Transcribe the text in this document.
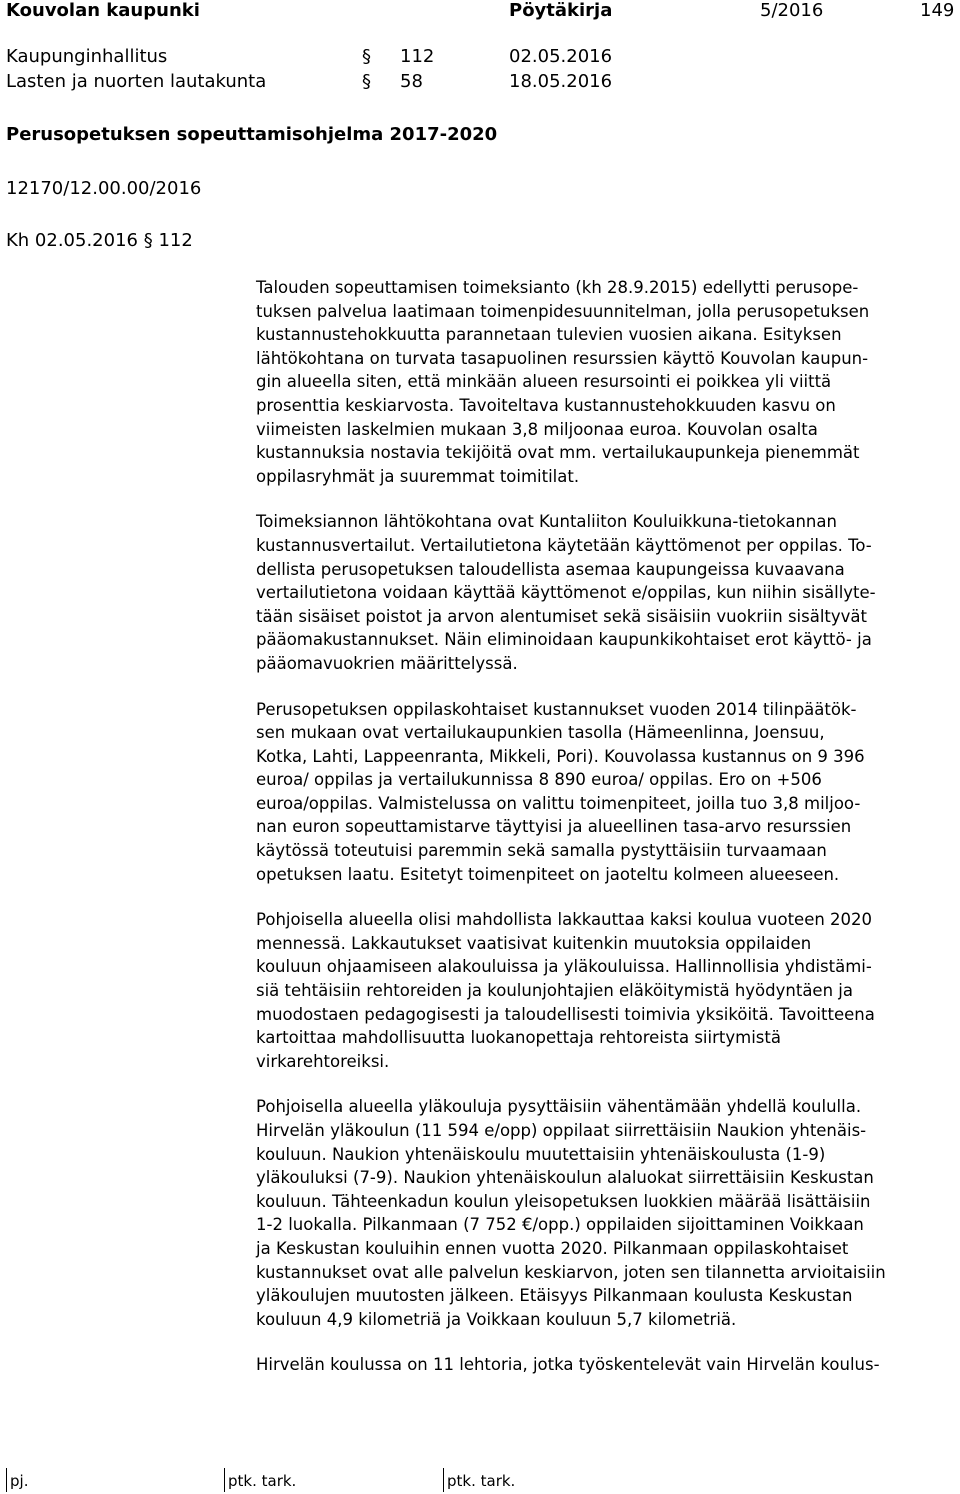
Kouvolan kaupunki	Pöytäkirja	5/2016	149
Kaupunginhallitus	§ 112	02.05.2016
Lasten ja nuorten lautakunta	§ 58	18.05.2016
Perusopetuksen sopeuttamisohjelma 2017-2020
12170/12.00.00/2016
Kh 02.05.2016 § 112

Talouden sopeuttamisen toimeksianto (kh 28.9.2015) edellytti perusope-

tuksen palvelua laatimaan toimenpidesuunnitelman, jolla perusopetuksen

kustannustehokkuutta parannetaan tulevien vuosien aikana. Esityksen

lähtökohtana on turvata tasapuolinen resurssien käyttö Kouvolan kaupun-

gin alueella siten, että minkään alueen resursointi ei poikkea yli viittä

prosenttia keskiarvosta. Tavoiteltava kustannustehokkuuden kasvu on

viimeisten laskelmien mukaan 3,8 miljoonaa euroa. Kouvolan osalta

kustannuksia nostavia tekijöitä ovat mm. vertailukaupunkeja pienemmät

oppilasryhmät ja suuremmat toimitilat.

Toimeksiannon lähtökohtana ovat Kuntaliiton Kouluikkuna-tietokannan

kustannusvertailut. Vertailutietona käytetään käyttömenot per oppilas. To-

dellista perusopetuksen taloudellista asemaa kaupungeissa kuvaavana

vertailutietona voidaan käyttää käyttömenot e/oppilas, kun niihin sisällyte-

tään sisäiset poistot ja arvon alentumiset sekä sisäisiin vuokriin sisältyvät

pääomakustannukset. Näin eliminoidaan kaupunkikohtaiset erot käyttö- ja

pääomavuokrien määrittelyssä.

Perusopetuksen oppilaskohtaiset kustannukset vuoden 2014 tilinpäätök-

sen mukaan ovat vertailukaupunkien tasolla (Hämeenlinna, Joensuu,

Kotka, Lahti, Lappeenranta, Mikkeli, Pori). Kouvolassa kustannus on 9 396

euroa/ oppilas ja vertailukunnissa 8 890 euroa/ oppilas. Ero on +506

euroa/oppilas. Valmistelussa on valittu toimenpiteet, joilla tuo 3,8 miljoo-

nan euron sopeuttamistarve täyttyisi ja alueellinen tasa-arvo resurssien

käytössä toteutuisi paremmin sekä samalla pystyttäisiin turvaamaan

opetuksen laatu. Esitetyt toimenpiteet on jaoteltu kolmeen alueeseen.

Pohjoisella alueella olisi mahdollista lakkauttaa kaksi koulua vuoteen 2020

mennessä. Lakkautukset vaatisivat kuitenkin muutoksia oppilaiden

kouluun ohjaamiseen alakouluissa ja yläkouluissa. Hallinnollisia yhdistämi-

siä tehtäisiin rehtoreiden ja koulunjohtajien eläköitymistä hyödyntäen ja

muodostaen pedagogisesti ja taloudellisesti toimivia yksiköitä. Tavoitteena

kartoittaa mahdollisuutta luokanopettaja rehtoreista siirtymistä

virkarehtoreiksi.

Pohjoisella alueella yläkouluja pysyttäisiin vähentämään yhdellä koululla.

Hirvelän yläkoulun (11 594 e/opp) oppilaat siirrettäisiin Naukion yhtenäis-

kouluun. Naukion yhtenäiskoulu muutettaisiin yhtenäiskoulusta (1-9)

yläkouluksi (7-9). Naukion yhtenäiskoulun alaluokat siirrettäisiin Keskustan

kouluun. Tähteenkadun koulun yleisopetuksen luokkien määrää lisättäisiin

1-2 luokalla. Pilkanmaan (7 752 €/opp.) oppilaiden sijoittaminen Voikkaan

ja Keskustan kouluihin ennen vuotta 2020. Pilkanmaan oppilaskohtaiset

kustannukset ovat alle palvelun keskiarvon, joten sen tilannetta arvioitaisiin

yläkoulujen muutosten jälkeen. Etäisyys Pilkanmaan koulusta Keskustan

kouluun 4,9 kilometriä ja Voikkaan kouluun 5,7 kilometriä.

Hirvelän koulussa on 11 lehtoria, jotka työskentelevät vain Hirvelän koulus-

pj.	ptk. tark.	ptk. tark.
